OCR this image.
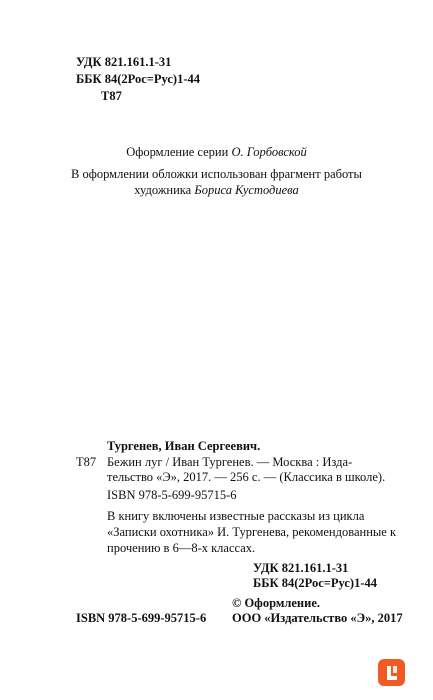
УДК 821.161.1-31
ББК 84(2Рос=Рус)1-44
Т87
Оформление серии О. Горбовской
В оформлении обложки использован фрагмент работы
художника Бориса Кустодиева
Тургенев, Иван Сергеевич.
Т87 Бежин луг / Иван Тургенев. — Москва : Изда-
тельство «Э», 2017. — 256 с. — (Классика в школе).
ISBN 978-5-699-95715-6
В книгу включены известные рассказы из цикла
«Записки охотника» И. Тургенева, рекомендованные к
прочению в 6—8-х классах.
УДК 821.161.1-31
ББК 84(2Рос=Рус)1-44
ISBN 978-5-699-95715-6
© Оформление.
ООО «Издательство «Э», 2017
